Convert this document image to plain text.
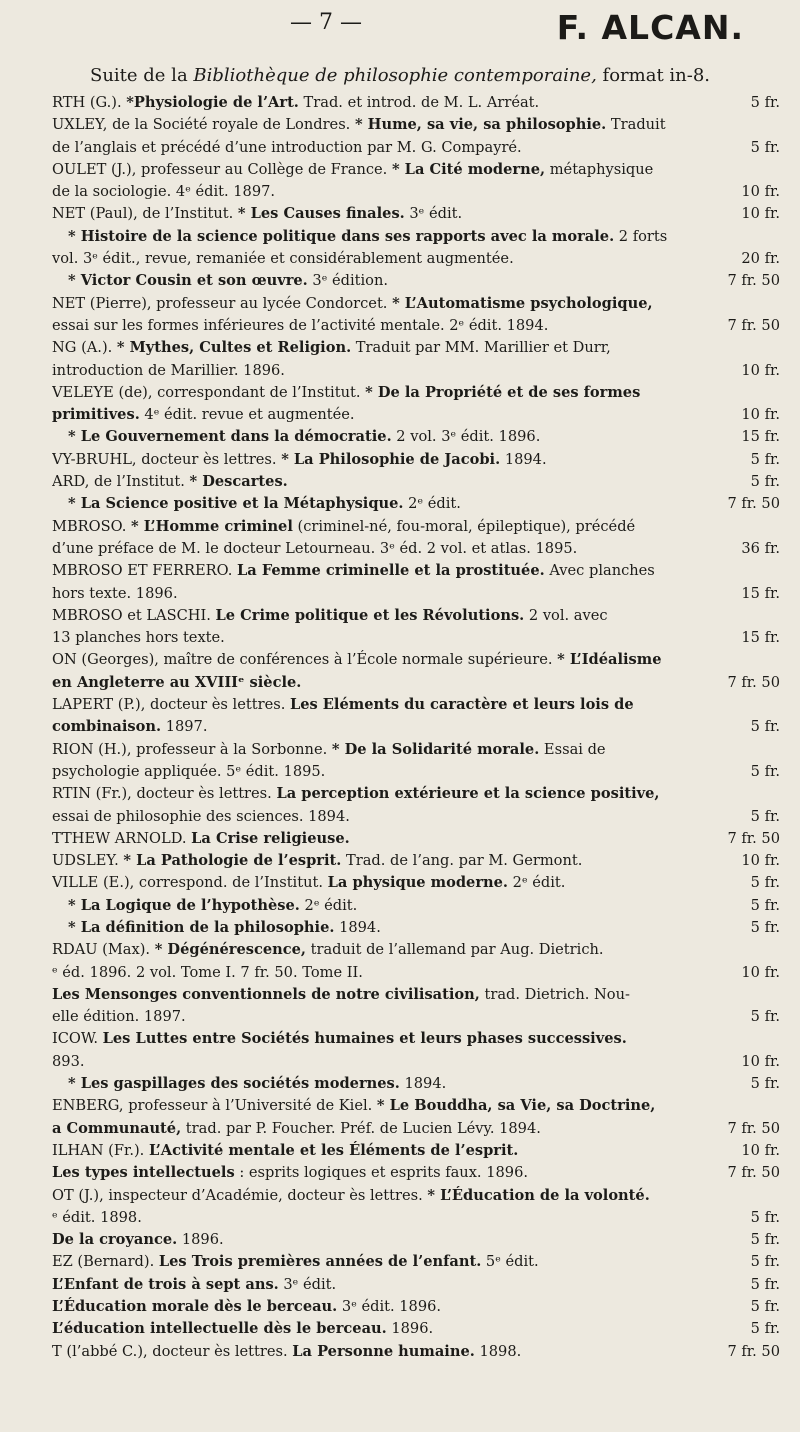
— 7 —	F. ALCAN.
Suite de la Bibliothèque de philosophie contemporaine, format in-8.
RTH (G.). *Physiologie de l’Art. Trad. et introd. de M. L. Arréat.	5 fr.
UXLEY, de la Société royale de Londres. * Hume, sa vie, sa philosophie. Traduit
de l’anglais et précédé d’une introduction par M. G. Compayré.	5 fr.
OULET (J.), professeur au Collège de France. * La Cité moderne, métaphysique
de la sociologie. 4ᵉ édit. 1897.	10 fr.
NET (Paul), de l’Institut. * Les Causes finales. 3ᵉ édit.	10 fr.
* Histoire de la science politique dans ses rapports avec la morale. 2 forts
vol. 3ᵉ édit., revue, remaniée et considérablement augmentée.	20 fr.
* Victor Cousin et son œuvre. 3ᵉ édition.	7 fr. 50
NET (Pierre), professeur au lycée Condorcet. * L’Automatisme psychologique,
essai sur les formes inférieures de l’activité mentale. 2ᵉ édit. 1894.	7 fr. 50
NG (A.). * Mythes, Cultes et Religion. Traduit par MM. Marillier et Durr,
introduction de Marillier. 1896.	10 fr.
VELEYE (de), correspondant de l’Institut. * De la Propriété et de ses formes
primitives. 4ᵉ édit. revue et augmentée.	10 fr.
* Le Gouvernement dans la démocratie. 2 vol. 3ᵉ édit. 1896.	15 fr.
VY-BRUHL, docteur ès lettres. * La Philosophie de Jacobi. 1894.	5 fr.
ARD, de l’Institut. * Descartes.	5 fr.
* La Science positive et la Métaphysique. 2ᵉ édit.	7 fr. 50
MBROSO. * L’Homme criminel (criminel-né, fou-moral, épileptique), précédé
d’une préface de M. le docteur Letourneau. 3ᵉ éd. 2 vol. et atlas. 1895.	36 fr.
MBROSO ET FERRERO. La Femme criminelle et la prostituée. Avec planches
hors texte. 1896.	15 fr.
MBROSO et LASCHI. Le Crime politique et les Révolutions. 2 vol. avec
13 planches hors texte.	15 fr.
ON (Georges), maître de conférences à l’École normale supérieure. * L’Idéalisme
en Angleterre au XVIIIᵉ siècle.	7 fr. 50
LAPERT (P.), docteur ès lettres. Les Eléments du caractère et leurs lois de
combinaison. 1897.	5 fr.
RION (H.), professeur à la Sorbonne. * De la Solidarité morale. Essai de
psychologie appliquée. 5ᵉ édit. 1895.	5 fr.
RTIN (Fr.), docteur ès lettres. La perception extérieure et la science positive,
essai de philosophie des sciences. 1894.	5 fr.
TTHEW ARNOLD. La Crise religieuse.	7 fr. 50
UDSLEY. * La Pathologie de l’esprit. Trad. de l’ang. par M. Germont.	10 fr.
VILLE (E.), correspond. de l’Institut. La physique moderne. 2ᵉ édit.	5 fr.
* La Logique de l’hypothèse. 2ᵉ édit.	5 fr.
* La définition de la philosophie. 1894.	5 fr.
RDAU (Max). * Dégénérescence, traduit de l’allemand par Aug. Dietrich.
ᵉ éd. 1896. 2 vol. Tome I. 7 fr. 50. Tome II.	10 fr.
Les Mensonges conventionnels de notre civilisation, trad. Dietrich. Nou-
elle édition. 1897.	5 fr.
ICOW. Les Luttes entre Sociétés humaines et leurs phases successives.
893.	10 fr.
* Les gaspillages des sociétés modernes. 1894.	5 fr.
ENBERG, professeur à l’Université de Kiel. * Le Bouddha, sa Vie, sa Doctrine,
a Communauté, trad. par P. Foucher. Préf. de Lucien Lévy. 1894.	7 fr. 50
ILHAN (Fr.). L’Activité mentale et les Éléments de l’esprit.	10 fr.
Les types intellectuels : esprits logiques et esprits faux. 1896.	7 fr. 50
OT (J.), inspecteur d’Académie, docteur ès lettres. * L’Éducation de la volonté.
ᵉ édit. 1898.	5 fr.
De la croyance. 1896.	5 fr.
EZ (Bernard). Les Trois premières années de l’enfant. 5ᵉ édit.	5 fr.
L’Enfant de trois à sept ans. 3ᵉ édit.	5 fr.
L’Éducation morale dès le berceau. 3ᵉ édit. 1896.	5 fr.
L’éducation intellectuelle dès le berceau. 1896.	5 fr.
T (l’abbé C.), docteur ès lettres. La Personne humaine. 1898.	7 fr. 50
